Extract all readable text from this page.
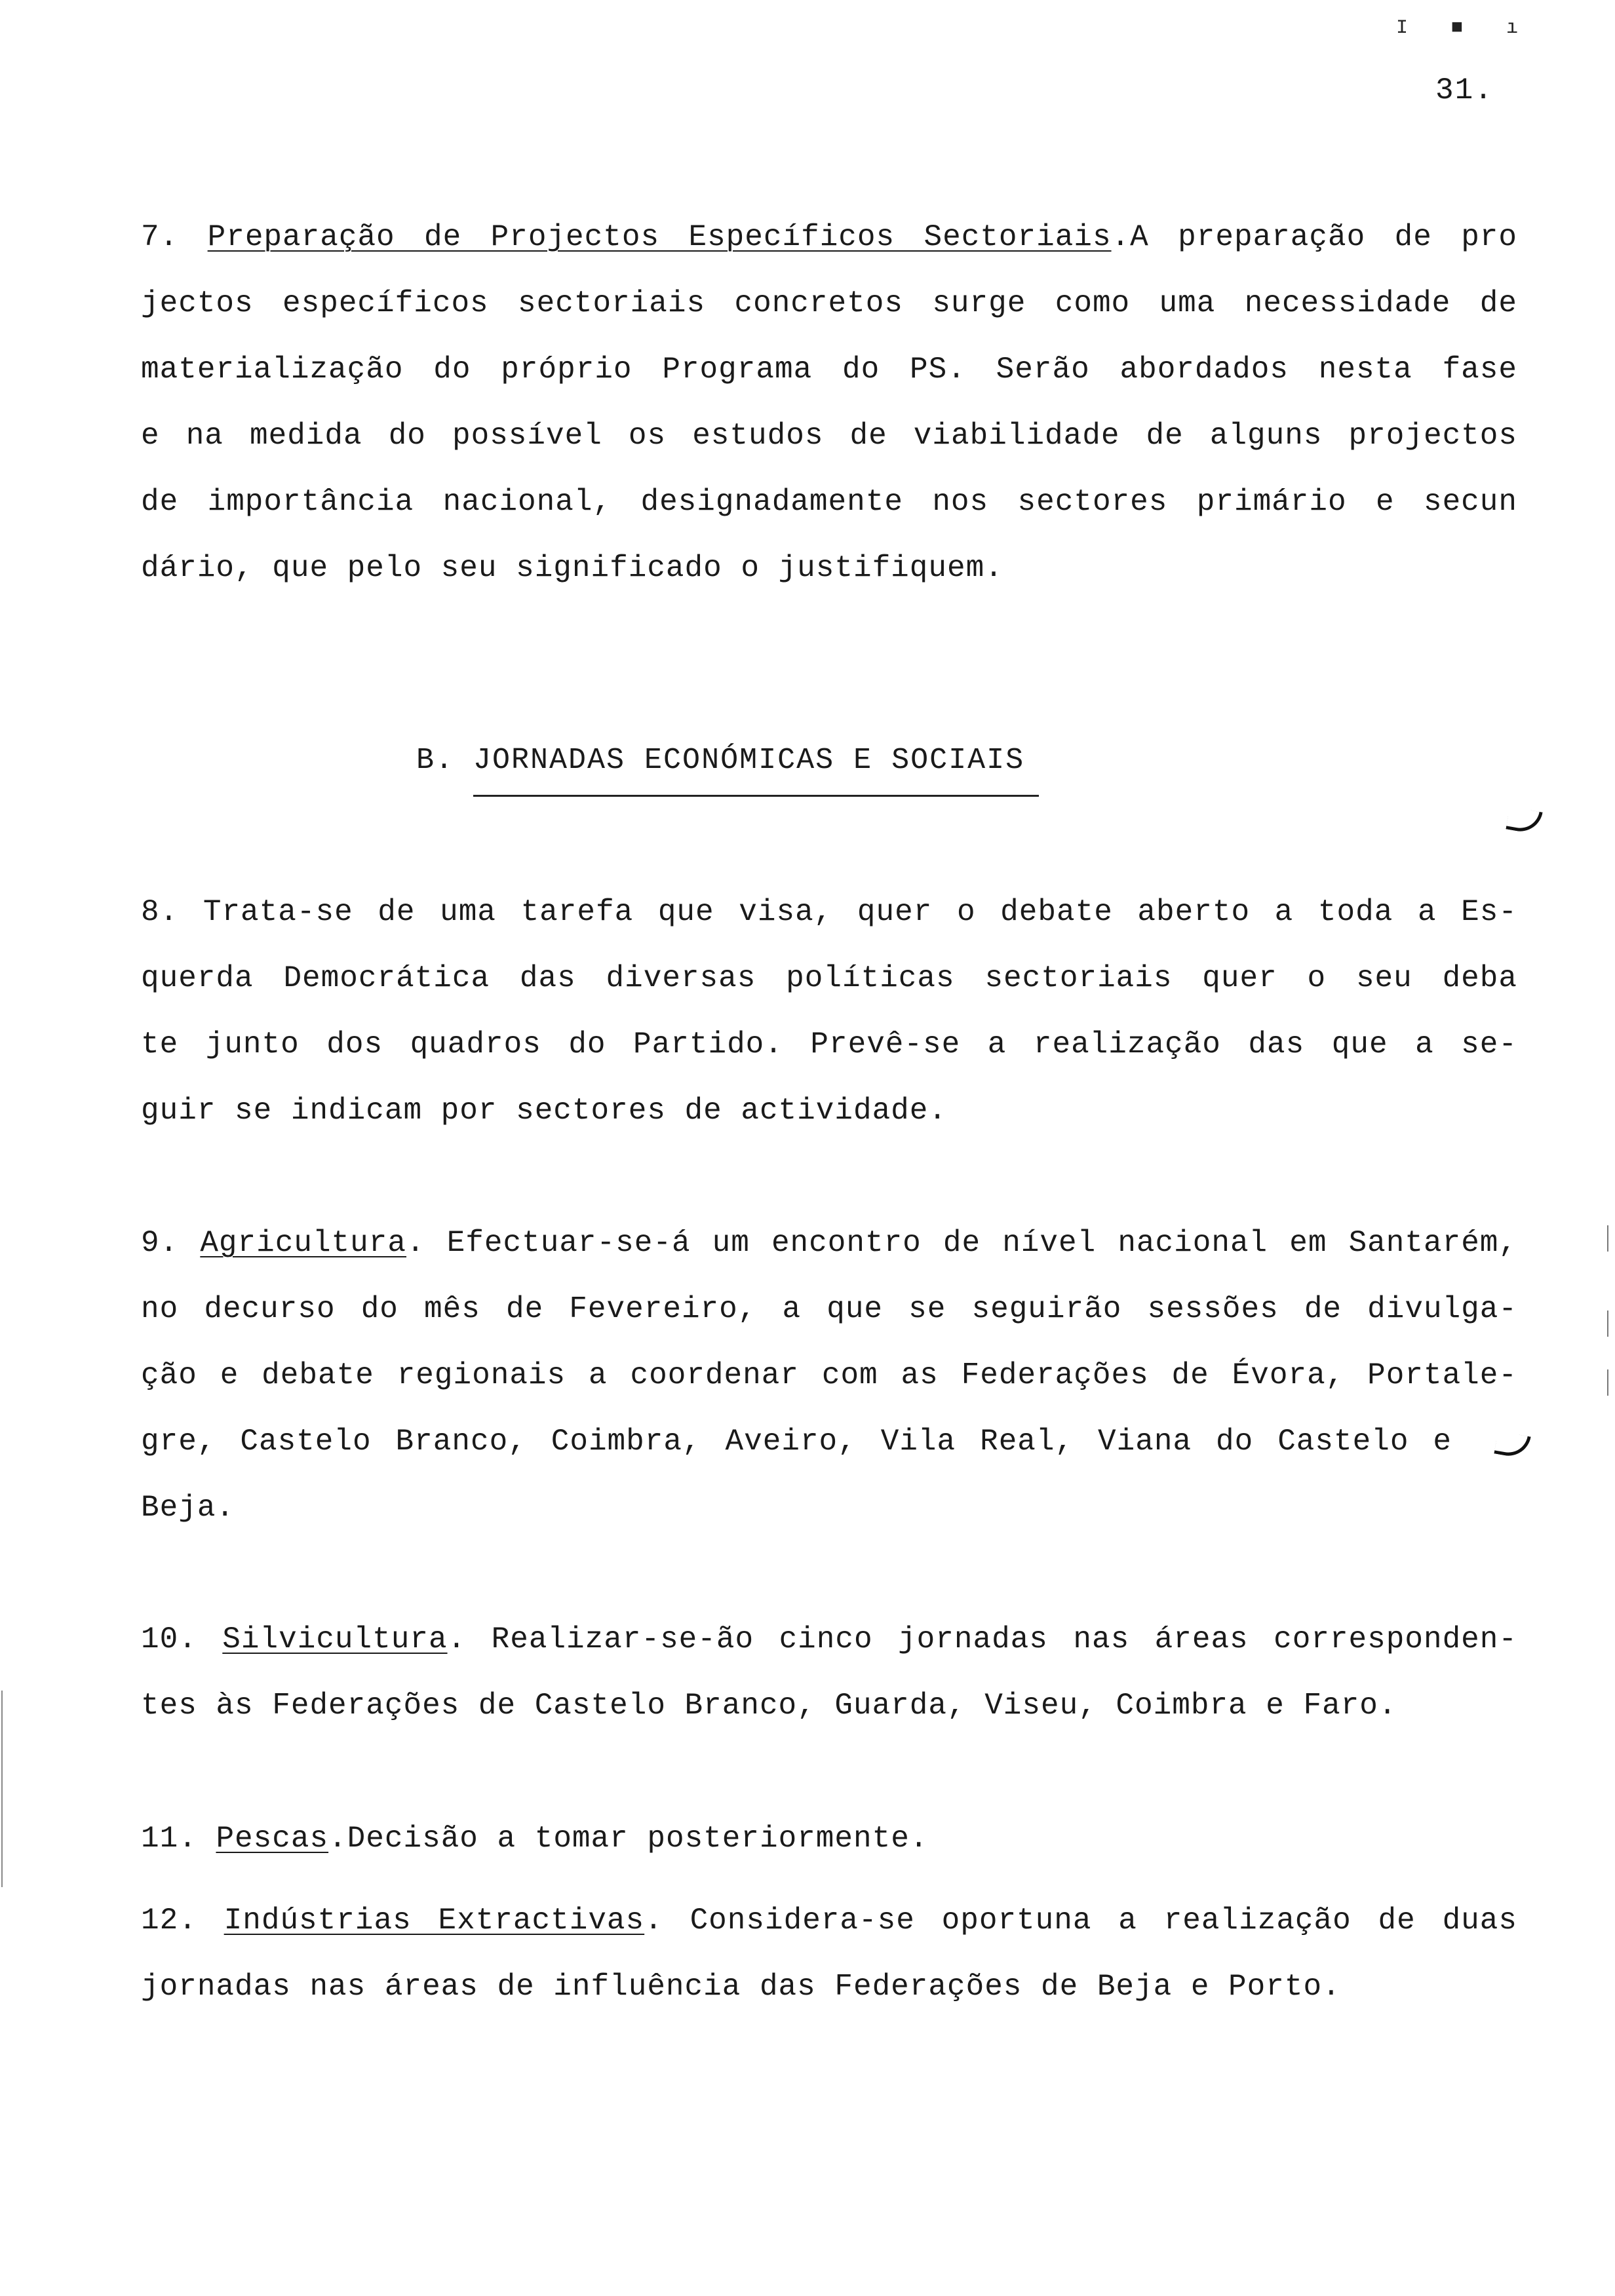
I ■ ı
31.
7. Preparação de Projectos Específicos Sectoriais.A preparação de pro
jectos específicos sectoriais concretos surge como uma necessidade de
materialização do próprio Programa do PS. Serão abordados nesta fase
e na medida do possível os estudos de viabilidade de alguns projectos
de importância nacional, designadamente nos sectores primário e secun
dário, que pelo seu significado o justifiquem.
B. JORNADAS ECONÓMICAS E SOCIAIS
8. Trata-se de uma tarefa que visa, quer o debate aberto a toda a Es-
querda Democrática das diversas políticas sectoriais quer o seu deba
te junto dos quadros do Partido. Prevê-se a realização das que a se-
guir se indicam por sectores de actividade.
9. Agricultura. Efectuar-se-á um encontro de nível nacional em Santarém,
no decurso do mês de Fevereiro, a que se seguirão sessões de divulga-
ção e debate regionais a coordenar com as Federações de Évora, Portale-
gre, Castelo Branco, Coimbra, Aveiro, Vila Real, Viana do Castelo e
Beja.
10. Silvicultura. Realizar-se-ão cinco jornadas nas áreas corresponden-
tes às Federações de Castelo Branco, Guarda, Viseu, Coimbra e Faro.
11. Pescas.Decisão a tomar posteriormente.
12. Indústrias Extractivas. Considera-se oportuna a realização de duas
jornadas nas áreas de influência das Federações de Beja e Porto.
